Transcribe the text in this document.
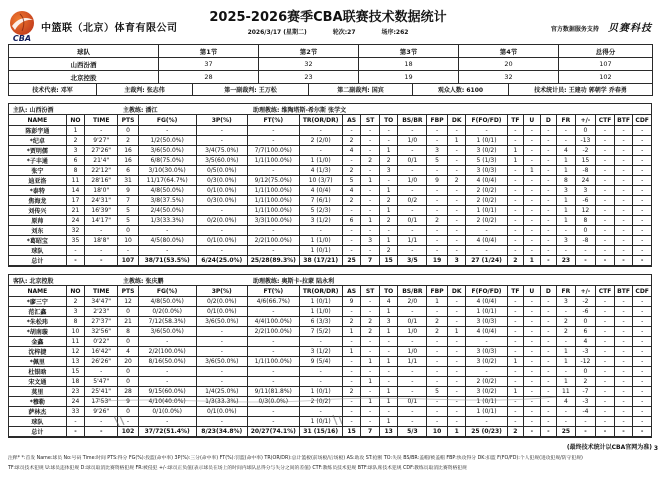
CBA
中篮联（北京）体育有限公司
2025-2026赛季CBA联赛技术数据统计
2026/3/17 (星期二)	轮次:27	场序:262	官方数据服务支持 贝赛科技
球队	第1节	第2节	第3节	第4节	总得分
山西汾酒	37	32	18	20	107
北京控股	28	23	19	32	102
技术代表: 邓军	主裁判: 张志伟	第一副裁判: 王万松	第二副裁判: 国宾	观众人数: 6100	技术统计员: 王建功 郭朝学 乔春勇
主队: 山西汾酒	主教练: 潘江	助理教练: 维陶塔斯-希尔斯 张学文
NAME	NO	TIME	PTS	FG(%)	3P(%)	FT(%)	TR(OR/DR)	AS	ST	TO	BS/BR	FBP	DK	F(FO/FD)	TF	U	D	FR	+/-	CTF	BTF	CDF
陈彭宇通	1	-	0	-	-	-	-	-	-	-	-	-	-	-	-	-	-	-	0	-	-	-
*纪卓	2	9'27"	2	1/2(50.0%)	-	-	2 (2/0)	2	-	-	1/0	-	1	1 (0/1)	-	-	-	-	-13	-	-	-
*贾明儒	3	27'26"	16	3/6(50.0%)	3/4(75.0%)	7/7(100.0%)	-	4	-	1	-	3	-	3 (0/2)	1	-	-	4	-2	-	-	-
*子丰通	6	21'4"	16	6/8(75.0%)	3/5(60.0%)	1/1(100.0%)	1 (1/0)	-	2	2	0/1	5	-	5 (1/3)	1	-	-	1	15	-	-	-
张宁	8	22'12"	6	3/10(30.0%)	0/5(0.0%)	-	4 (1/3)	2	-	3	-	-	-	3 (0/3)	-	1	-	1	-8	-	-	-
迪亚洛	11	28'16"	31	11/17(64.7%)	0/3(0.0%)	9/12(75.0%)	10 (3/7)	5	1	-	1/0	9	2	4 (0/4)	-	-	-	8	24	-	-	-
*泰特	14	18'0"	9	4/8(50.0%)	0/1(0.0%)	1/1(100.0%)	4 (0/4)	4	-	1	-	-	-	2 (0/2)	-	-	-	3	3	-	-	-
焦海龙	17	24'31"	7	3/8(37.5%)	0/3(0.0%)	1/1(100.0%)	7 (6/1)	2	-	2	0/2	-	-	2 (0/2)	-	-	-	1	-6	-	-	-
刘传兴	21	16'39"	5	2/4(50.0%)	-	1/1(100.0%)	5 (2/3)	-	-	1	-	-	-	1 (0/1)	-	-	-	1	12	-	-	-
原帅	24	14'17"	5	1/3(33.3%)	0/2(0.0%)	3/3(100.0%)	3 (1/2)	6	1	2	0/1	2	-	2 (0/2)	-	-	-	1	8	-	-	-
刘东	32	-	0	-	-	-	-	-	-	-	-	-	-	-	-	-	-	-	0	-	-	-
*葛昭宝	35	18'8"	10	4/5(80.0%)	0/1(0.0%)	2/2(100.0%)	1 (1/0)	-	3	1	1/1	-	-	4 (0/4)	-	-	-	3	-8	-	-	-
球队	-	-	-	-	-	-	1 (0/1)	-	-	2	-	-	-	-	-	-	-	-	-	-	-	-
总计	-	-	107	38/71(53.5%)	6/24(25.0%)	25/28(89.3%)	38 (17/21)	25	7	15	3/5	19	3	27 (1/24)	2	1	-	23	-	-	-	-
客队: 北京控股	主教练: 张庆鹏	助理教练: 奥斯卡-拉蒙 陆永利
NAME	NO	TIME	PTS	FG(%)	3P(%)	FT(%)	TR(OR/DR)	AS	ST	TO	BS/BR	FBP	DK	F(FO/FD)	TF	U	D	FR	+/-	CTF	BTF	CDF
*廖三宁	2	34'47"	12	4/8(50.0%)	0/2(0.0%)	4/6(66.7%)	1 (0/1)	9	-	4	2/0	1	-	4 (0/4)	-	-	-	3	-2	-	-	-
范汇鑫	3	2'23"	0	0/2(0.0%)	0/1(0.0%)	-	1 (1/0)	-	-	1	-	-	-	1 (0/1)	-	-	-	-	-6	-	-	-
*朱松玮	8	27'37"	21	7/12(58.3%)	3/6(50.0%)	4/4(100.0%)	6 (3/3)	2	2	3	0/1	2	-	3 (0/3)	-	-	-	2	0	-	-	-
*胡南璇	10	32'56"	8	3/6(50.0%)	-	2/2(100.0%)	7 (5/2)	1	2	1	1/0	2	1	4 (0/4)	-	-	-	2	6	-	-	-
金鑫	11	0'22"	0	-	-	-	-	-	-	-	-	-	-	-	-	-	-	-	4	-	-	-
沈梓捷	12	16'42"	4	2/2(100.0%)	-	-	3 (1/2)	1	-	-	1/0	-	-	3 (0/3)	-	-	-	1	-3	-	-	-
*佩里	13	26'26"	20	8/16(50.0%)	3/6(50.0%)	1/1(100.0%)	9 (5/4)	-	1	1	1/1	-	-	3 (0/2)	1	-	-	1	-12	-	-	-
杜银晗	15	-	0	-	-	-	-	-	-	-	-	-	-	-	-	-	-	-	0	-	-	-
宋文通	18	5'47"	0	-	-	-	-	-	1	-	-	-	-	2 (0/2)	-	-	-	1	2	-	-	-
莫里	23	25'41"	28	9/15(60.0%)	1/4(25.0%)	9/11(81.8%)	1 (0/1)	2	-	1	-	5	-	3 (0/2)	1	-	-	11	-7	-	-	-
*穆勒	24	17'53"	9	4/10(40.0%)	1/3(33.3%)	0/3(0.0%)	2 (0/2)	-	1	1	0/1	-	-	1 (0/1)	-	-	-	4	-3	-	-	-
萨林杰	33	9'26"	0	0/1(0.0%)	0/1(0.0%)	-	-	-	-	-	-	-	-	1 (0/1)	-	-	-	-	-4	-	-	-
球队	-	-	-	-	-	-	1 (0/1)	-	-	1	-	-	-	-	-	-	-	-	-	-	-	-
总计	-	-	102	37/72(51.4%)	8/23(34.8%)	20/27(74.1%)	31 (15/16)	15	7	13	5/3	10	1	25 (0/23)	2	-	-	25	-	-	-	-
(最终技术统计以CBA官网为准)
注释* *:首发 Name:球员 No:号码 Time:时间 PTS:得分 FG(%):投篮(命中率) 3P(%):三分(命中率) FT(%):罚篮(命中率) TR(OR/DR):总计篮板(前场板/后场板) AS:助攻 ST:抢断 TO:失误 BS/BR:盖帽/被盖帽 FBP:快攻得分 DK:扣篮 F(FO/FD):个人犯规(进攻犯规/防守犯规)
TF:球员技术犯规 U:球员违体犯规 D:球员取消比赛资格犯规 FR:被侵犯 +/-:球员正负值(表示球员在场上的时间内球队总得分与失分之间的差值) CTF:教练员技术犯规 BTF:球队席技术犯规 CDF:教练员取消比赛资格犯规
3
